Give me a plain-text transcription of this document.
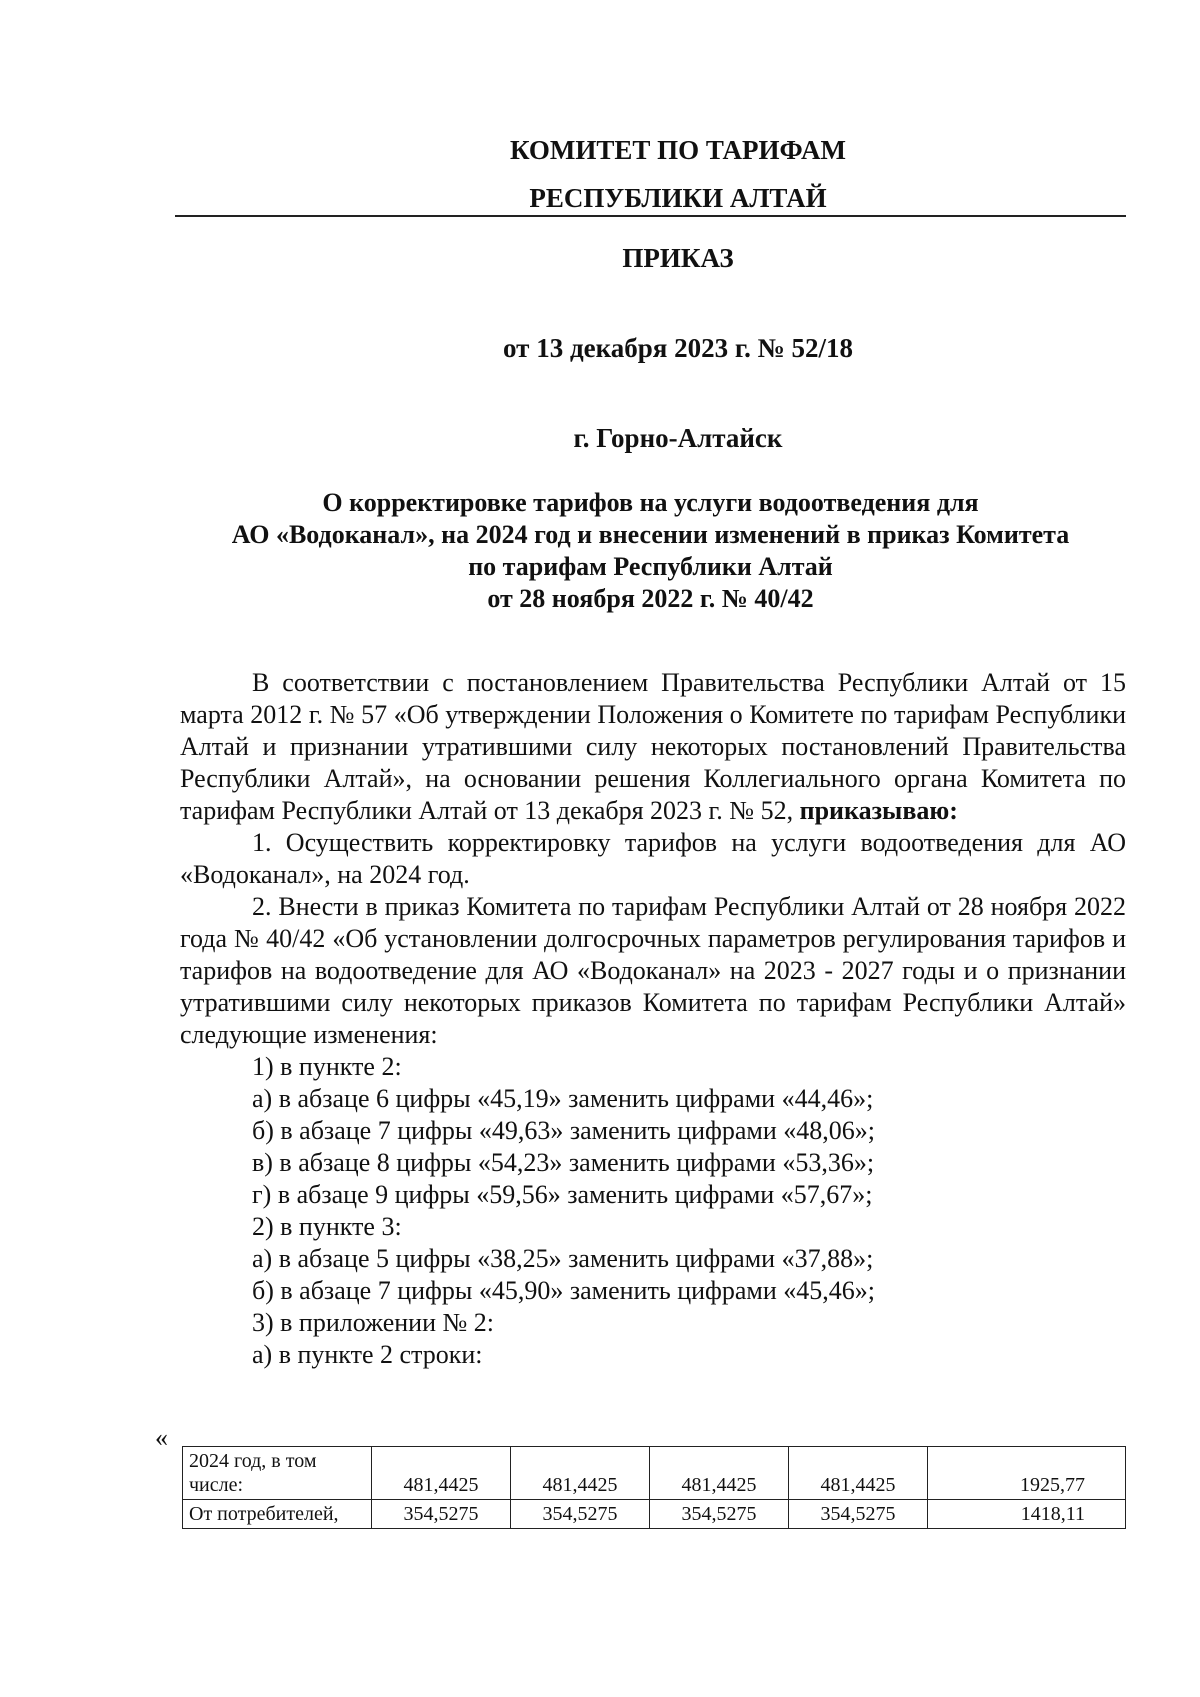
КОМИТЕТ ПО ТАРИФАМ
РЕСПУБЛИКИ АЛТАЙ
ПРИКАЗ
от 13 декабря 2023 г. № 52/18
г. Горно-Алтайск
О корректировке тарифов на услуги водоотведения для
АО «Водоканал», на 2024 год и внесении изменений в приказ Комитета
по тарифам Республики Алтай
от 28 ноября 2022 г. № 40/42

В соответствии с постановлением Правительства Республики Алтай от 15 марта 2012 г. № 57 «Об утверждении Положения о Комитете по тарифам Республики Алтай и признании утратившими силу некоторых постановлений Правительства Республики Алтай», на основании решения Коллегиального органа Комитета по тарифам Республики Алтай от 13 декабря 2023 г. № 52, приказываю:

1. Осуществить корректировку тарифов на услуги водоотведения для АО «Водоканал», на 2024 год.

2. Внести в приказ Комитета по тарифам Республики Алтай от 28 ноября 2022 года № 40/42 «Об установлении долгосрочных параметров регулирования тарифов и тарифов на водоотведение для АО «Водоканал» на 2023 - 2027 годы и о признании утратившими силу некоторых приказов Комитета по тарифам Республики Алтай» следующие изменения:

1) в пункте 2:
а) в абзаце 6 цифры «45,19» заменить цифрами «44,46»;
б) в абзаце 7 цифры «49,63» заменить цифрами «48,06»;
в) в абзаце 8 цифры «54,23» заменить цифрами «53,36»;
г) в абзаце 9 цифры «59,56» заменить цифрами «57,67»;
2) в пункте 3:
а) в абзаце 5 цифры «38,25» заменить цифрами «37,88»;
б) в абзаце 7 цифры «45,90» заменить цифрами «45,46»;
3) в приложении № 2:
а) в пункте 2 строки:
«
2024 год, в том числе:	481,4425	481,4425	481,4425	481,4425	1925,77
От потребителей,	354,5275	354,5275	354,5275	354,5275	1418,11
